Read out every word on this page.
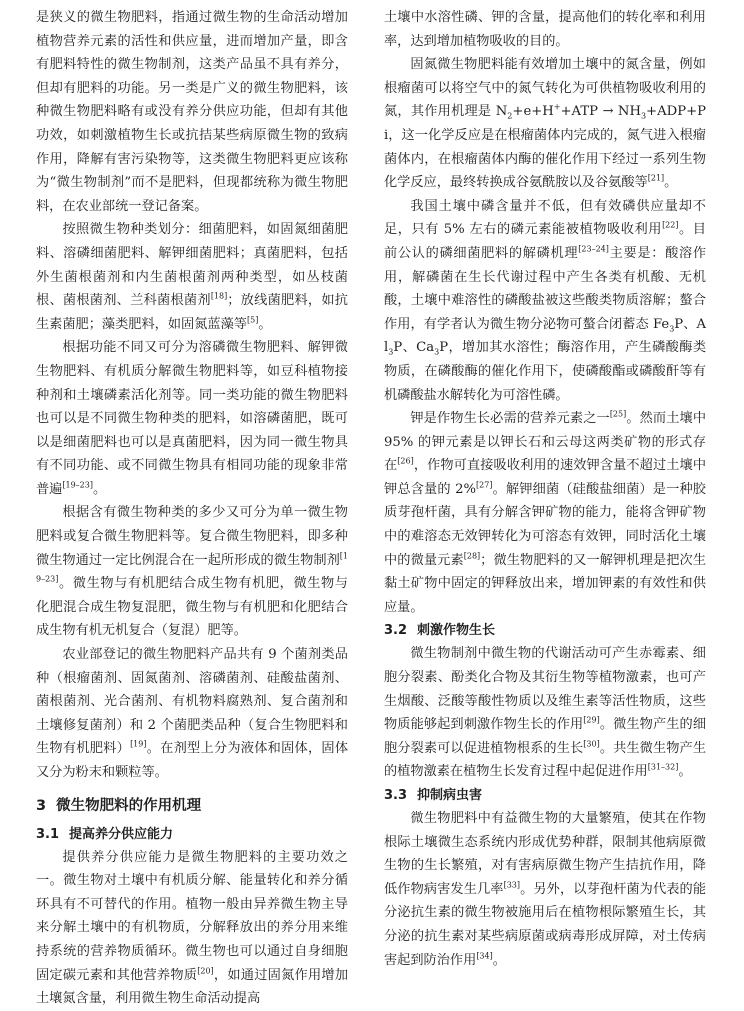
是狭义的微生物肥料，指通过微生物的生命活动增加植物营养元素的活性和供应量，进而增加产量，即含有肥料特性的微生物制剂，这类产品虽不具有养分，但却有肥料的功能。另一类是广义的微生物肥料，该种微生物肥料略有或没有养分供应功能，但却有其他功效，如刺激植物生长或抗拮某些病原微生物的致病作用，降解有害污染物等，这类微生物肥料更应该称为“微生物制剂”而不是肥料，但现都统称为微生物肥料，在农业部统一登记备案。

按照微生物种类划分：细菌肥料，如固氮细菌肥料、溶磷细菌肥料、解钾细菌肥料；真菌肥料，包括外生菌根菌剂和内生菌根菌剂两种类型，如丛枝菌根、菌根菌剂、兰科菌根菌剂[18]；放线菌肥料，如抗生素菌肥；藻类肥料，如固氮蓝藻等[5]。

根据功能不同又可分为溶磷微生物肥料、解钾微生物肥料、有机质分解微生物肥料等，如豆科植物接种剂和土壤磷素活化剂等。同一类功能的微生物肥料也可以是不同微生物种类的肥料，如溶磷菌肥，既可以是细菌肥料也可以是真菌肥料，因为同一微生物具有不同功能、或不同微生物具有相同功能的现象非常普遍[19–23]。

根据含有微生物种类的多少又可分为单一微生物肥料或复合微生物肥料等。复合微生物肥料，即多种微生物通过一定比例混合在一起所形成的微生物制剂[19–23]。微生物与有机肥结合成生物有机肥，微生物与化肥混合成生物复混肥，微生物与有机肥和化肥结合成生物有机无机复合（复混）肥等。

农业部登记的微生物肥料产品共有 9 个菌剂类品种（根瘤菌剂、固氮菌剂、溶磷菌剂、硅酸盐菌剂、菌根菌剂、光合菌剂、有机物料腐熟剂、复合菌剂和土壤修复菌剂）和 2 个菌肥类品种（复合生物肥料和生物有机肥料）[19]。在剂型上分为液体和固体，固体又分为粉末和颗粒等。

3 微生物肥料的作用机理
3.1 提高养分供应能力

提供养分供应能力是微生物肥料的主要功效之一。微生物对土壤中有机质分解、能量转化和养分循环具有不可替代的作用。植物一般由异养微生物主导来分解土壤中的有机物质，分解释放出的养分用来维持系统的营养物质循环。微生物也可以通过自身细胞固定碳元素和其他营养物质[20]，如通过固氮作用增加土壤氮含量，利用微生物生命活动提高

土壤中水溶性磷、钾的含量，提高他们的转化率和利用率，达到增加植物吸收的目的。

固氮微生物肥料能有效增加土壤中的氮含量，例如根瘤菌可以将空气中的氮气转化为可供植物吸收利用的氮，其作用机理是 $N_2+e+H^++ATP \to NH_3+ADP+Pi$，这一化学反应是在根瘤菌体内完成的，氮气进入根瘤菌体内，在根瘤菌体内酶的催化作用下经过一系列生物化学反应，最终转换成谷氨酰胺以及谷氨酸等[21]。

我国土壤中磷含量并不低，但有效磷供应量却不足，只有 5% 左右的磷元素能被植物吸收利用[22]。目前公认的磷细菌肥料的解磷机理[23–24]主要是：酸溶作用，解磷菌在生长代谢过程中产生各类有机酸、无机酸，土壤中难溶性的磷酸盐被这些酸类物质溶解；螯合作用，有学者认为微生物分泌物可螯合闭蓄态 $Fe_3P$、$Al_3P$、$Ca_3P$，增加其水溶性；酶溶作用，产生磷酸酶类物质，在磷酸酶的催化作用下，使磷酸酯或磷酸酐等有机磷酸盐水解转化为可溶性磷。

钾是作物生长必需的营养元素之一[25]。然而土壤中 95% 的钾元素是以钾长石和云母这两类矿物的形式存在[26]，作物可直接吸收利用的速效钾含量不超过土壤中钾总含量的 2%[27]。解钾细菌（硅酸盐细菌）是一种胶质芽孢杆菌，具有分解含钾矿物的能力，能将含钾矿物中的难溶态无效钾转化为可溶态有效钾，同时活化土壤中的微量元素[28]；微生物肥料的又一解钾机理是把次生黏土矿物中固定的钾释放出来，增加钾素的有效性和供应量。

3.2 刺激作物生长

微生物制剂中微生物的代谢活动可产生赤霉素、细胞分裂素、酚类化合物及其衍生物等植物激素，也可产生烟酸、泛酸等酸性物质以及维生素等活性物质，这些物质能够起到刺激作物生长的作用[29]。微生物产生的细胞分裂素可以促进植物根系的生长[30]。共生微生物产生的植物激素在植物生长发育过程中起促进作用[31–32]。

3.3 抑制病虫害

微生物肥料中有益微生物的大量繁殖，使其在作物根际土壤微生态系统内形成优势种群，限制其他病原微生物的生长繁殖，对有害病原微生物产生拮抗作用，降低作物病害发生几率[33]。另外，以芽孢杆菌为代表的能分泌抗生素的微生物被施用后在植物根际繁殖生长，其分泌的抗生素对某些病原菌或病毒形成屏障，对土传病害起到防治作用[34]。
